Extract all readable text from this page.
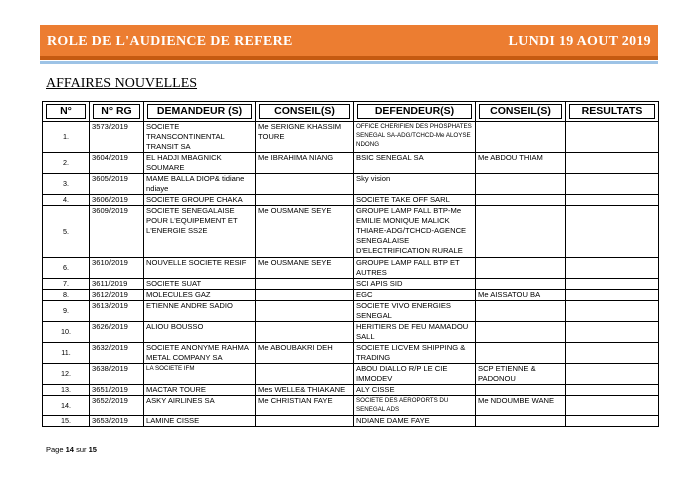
ROLE DE L'AUDIENCE DE REFERE	LUNDI 19 AOUT 2019
AFFAIRES NOUVELLES
N°	N° RG	DEMANDEUR (S)	CONSEIL(S)	DEFENDEUR(S)	CONSEIL(S)	RESULTATS

1.	3573/2019	SOCIETE TRANSCONTINENTAL TRANSIT SA	Me SERIGNE KHASSIM TOURE	OFFICE CHERIFIEN DES PHOSPHATES SENEGAL SA-ADG/TCHCD-Me ALOYSE NDONG		
2.	3604/2019	EL HADJI MBAGNICK SOUMARE	Me IBRAHIMA NIANG	BSIC SENEGAL SA	Me ABDOU THIAM	
3.	3605/2019	MAME BALLA DIOP& tidiane ndiaye		Sky vision		
4.	3606/2019	SOCIETE GROUPE CHAKA		SOCIETE TAKE OFF SARL		
5.	3609/2019	SOCIETE SENEGALAISE POUR L'EQUIPEMENT ET L'ENERGIE SS2E	Me OUSMANE SEYE	GROUPE LAMP FALL BTP-Me EMILIE MONIQUE MALICK THIARE-ADG/TCHCD-AGENCE SENEGALAISE D'ELECTRIFICATION RURALE		
6.	3610/2019	NOUVELLE SOCIETE RESIF	Me OUSMANE SEYE	GROUPE LAMP FALL BTP ET AUTRES		
7.	3611/2019	SOCIETE SUAT		SCI APIS SID		
8.	3612/2019	MOLECULES GAZ		EGC	Me AISSATOU BA	
9.	3613/2019	ETIENNE ANDRE SADIO		SOCIETE VIVO ENERGIES SENEGAL		
10.	3626/2019	ALIOU BOUSSO		HERITIERS DE FEU MAMADOU SALL		
11.	3632/2019	SOCIETE ANONYME RAHMA METAL COMPANY SA	Me ABOUBAKRI DEH	SOCIETE LICVEM SHIPPING & TRADING		
12.	3638/2019	LA SOCIETE IFM		ABOU DIALLO R/P LE CIE IMMODEV	SCP ETIENNE & PADONOU	
13.	3651/2019	MACTAR TOURE	Mes WELLE& THIAKANE	ALY CISSE		
14.	3652/2019	ASKY AIRLINES SA	Me CHRISTIAN FAYE	SOCIETE DES AEROPORTS DU SENEGAL ADS	Me NDOUMBE WANE	
15.	3653/2019	LAMINE CISSE		NDIANE DAME FAYE		
Page 14 sur 15
